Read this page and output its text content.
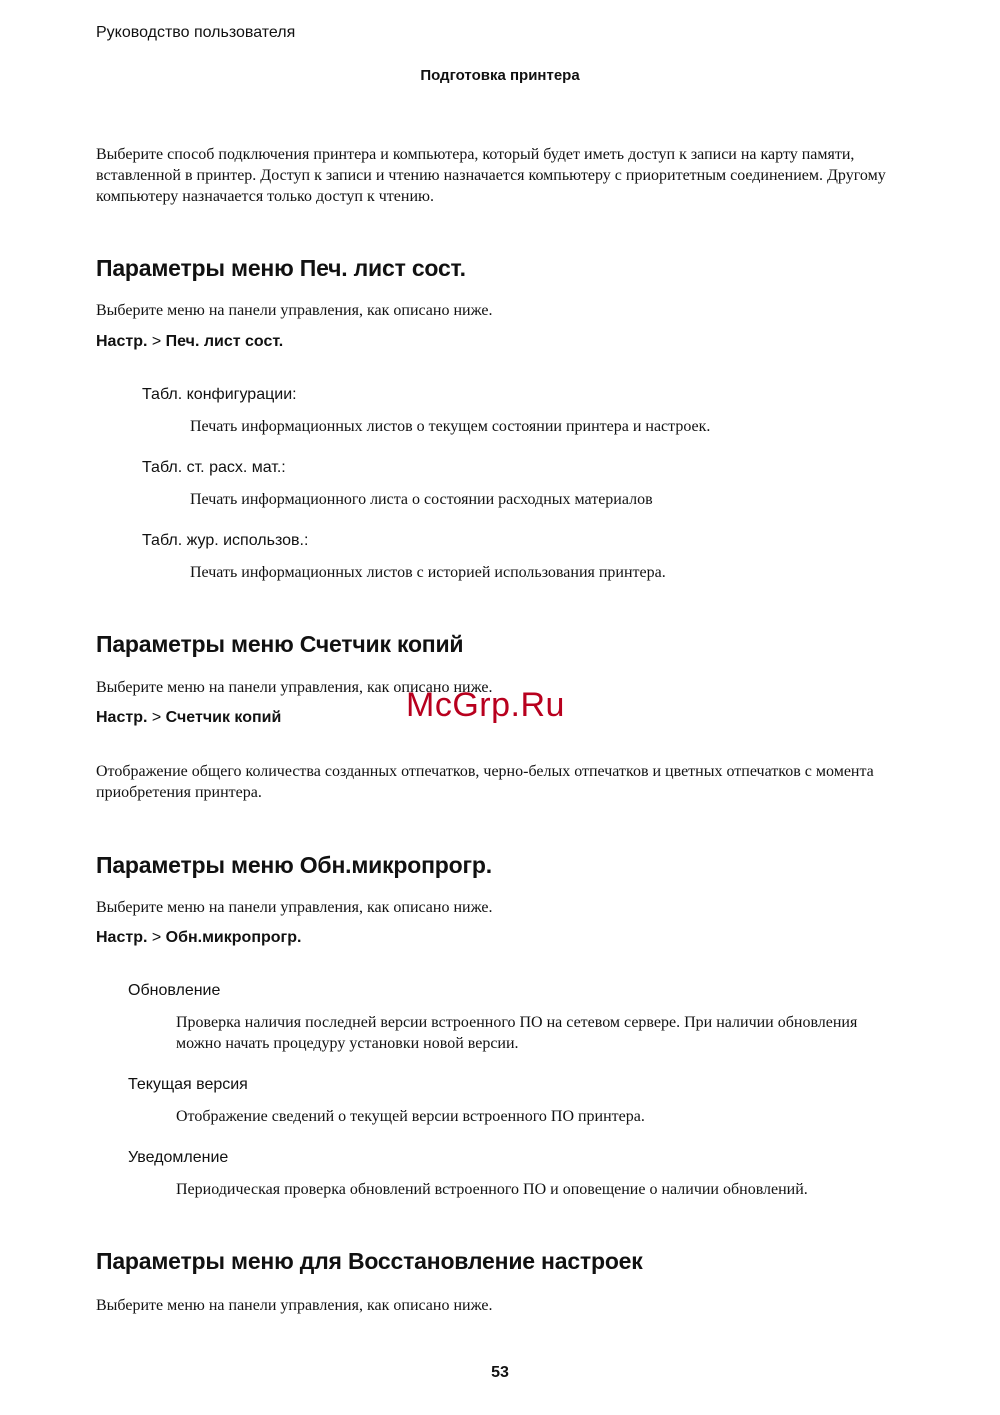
Руководство пользователя
Подготовка принтера
Выберите способ подключения принтера и компьютера, который будет иметь доступ к записи на карту памяти, вставленной в принтер. Доступ к записи и чтению назначается компьютеру с приоритетным соединением. Другому компьютеру назначается только доступ к чтению.
Параметры меню Печ. лист сост.
Выберите меню на панели управления, как описано ниже.
Настр. > Печ. лист сост.
Табл. конфигурации:
Печать информационных листов о текущем состоянии принтера и настроек.
Табл. ст. расх. мат.:
Печать информационного листа о состоянии расходных материалов
Табл. жур. использов.:
Печать информационных листов с историей использования принтера.
Параметры меню Счетчик копий
Выберите меню на панели управления, как описано ниже.
Настр. > Счетчик копий
Отображение общего количества созданных отпечатков, черно-белых отпечатков и цветных отпечатков с момента приобретения принтера.
Параметры меню Обн.микропрогр.
Выберите меню на панели управления, как описано ниже.
Настр. > Обн.микропрогр.
Обновление
Проверка наличия последней версии встроенного ПО на сетевом сервере. При наличии обновления можно начать процедуру установки новой версии.
Текущая версия
Отображение сведений о текущей версии встроенного ПО принтера.
Уведомление
Периодическая проверка обновлений встроенного ПО и оповещение о наличии обновлений.
Параметры меню для Восстановление настроек
Выберите меню на панели управления, как описано ниже.
McGrp.Ru
53
